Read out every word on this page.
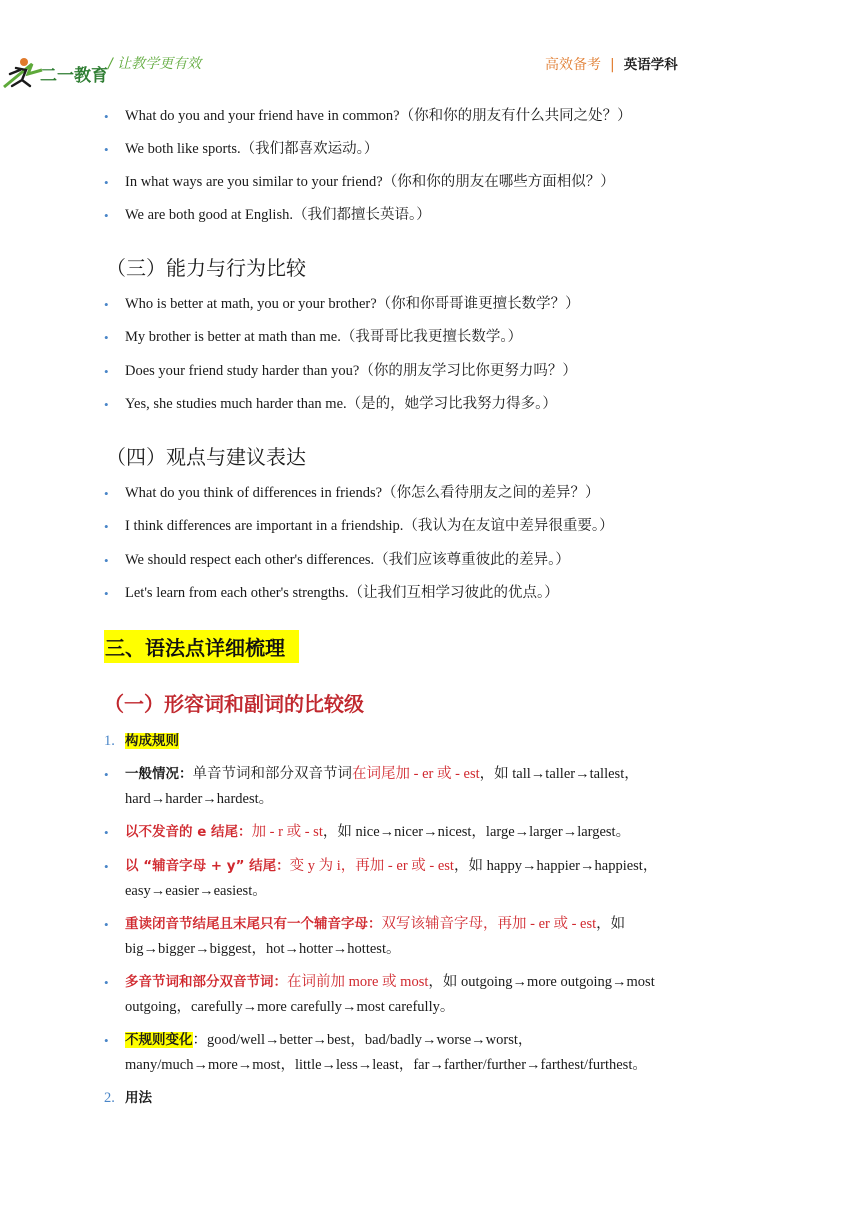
二一教育
/ 让教学更有效	高效备考 | 英语学科
• What do you and your friend have in common?（你和你的朋友有什么共同之处？）
• We both like sports.（我们都喜欢运动。）
• In what ways are you similar to your friend?（你和你的朋友在哪些方面相似？）
• We are both good at English.（我们都擅长英语。）
（三）能力与行为比较
• Who is better at math, you or your brother?（你和你哥哥谁更擅长数学？）
• My brother is better at math than me.（我哥哥比我更擅长数学。）
• Does your friend study harder than you?（你的朋友学习比你更努力吗？）
• Yes, she studies much harder than me.（是的，她学习比我努力得多。）
（四）观点与建议表达
• What do you think of differences in friends?（你怎么看待朋友之间的差异？）
• I think differences are important in a friendship.（我认为在友谊中差异很重要。）
• We should respect each other's differences.（我们应该尊重彼此的差异。）
• Let's learn from each other's strengths.（让我们互相学习彼此的优点。）
三、语法点详细梳理
（一）形容词和副词的比较级
1. 构成规则
• 一般情况：单音节词和部分双音节词在词尾加 - er 或 - est，如 tall→taller→tallest，
hard→harder→hardest。
• 以不发音的 e 结尾：加 - r 或 - st，如 nice→nicer→nicest，large→larger→largest。
• 以 “辅音字母 + y” 结尾：变 y 为 i，再加 - er 或 - est，如 happy→happier→happiest，
easy→easier→easiest。
• 重读闭音节结尾且末尾只有一个辅音字母：双写该辅音字母，再加 - er 或 - est，如
big→bigger→biggest，hot→hotter→hottest。
• 多音节词和部分双音节词：在词前加 more 或 most，如 outgoing→more outgoing→most
outgoing，carefully→more carefully→most carefully。
• 不规则变化：good/well→better→best，bad/badly→worse→worst，
many/much→more→most，little→less→least，far→farther/further→farthest/furthest。
2. 用法
